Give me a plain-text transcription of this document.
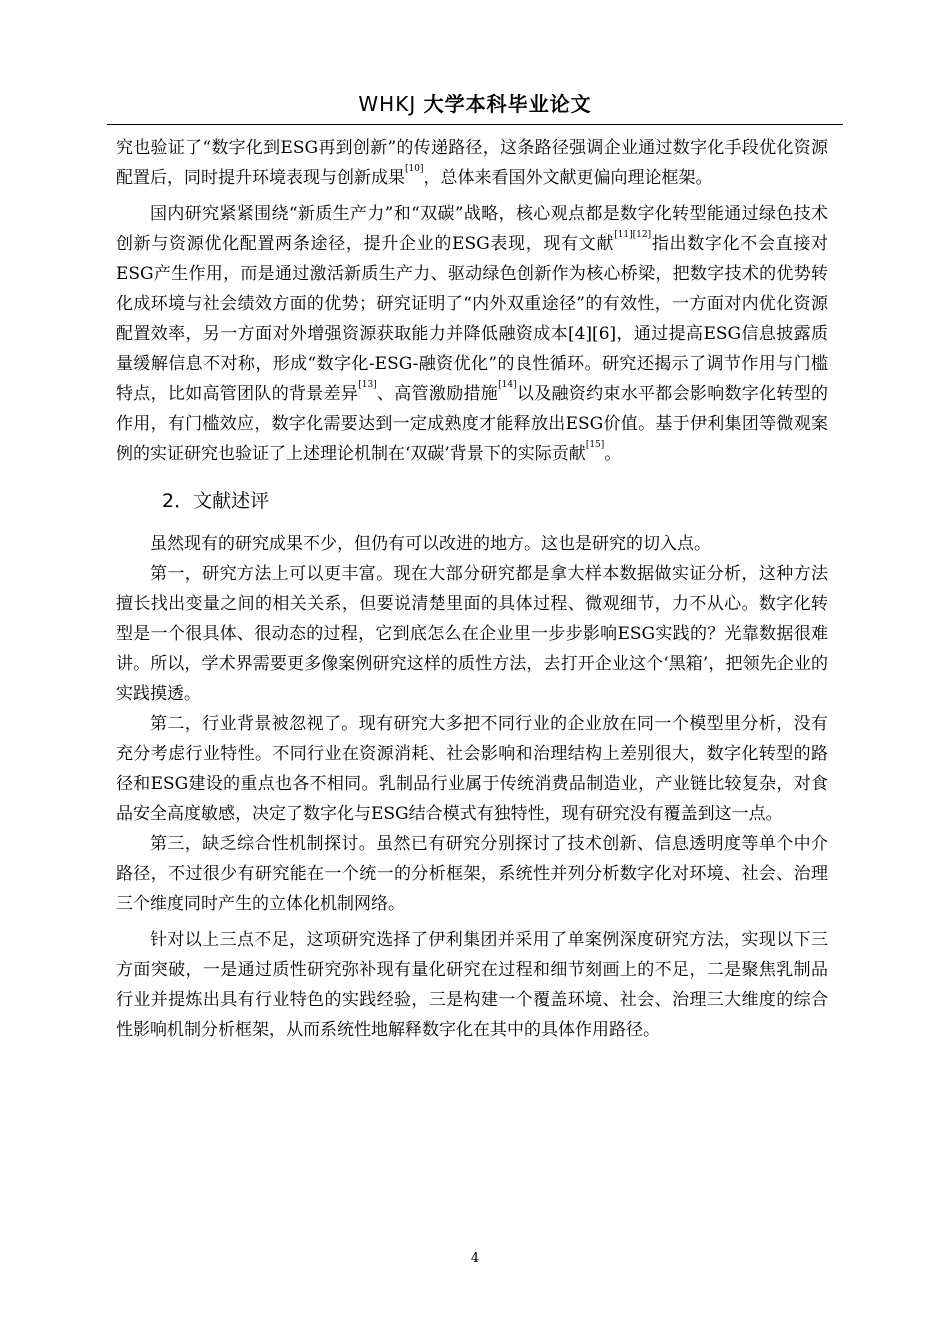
WHKJ 大学本科毕业论文

究也验证了“数字化到ESG再到创新”的传递路径，这条路径强调企业通过数字化手段优化资源配置后，同时提升环境表现与创新成果[10]，总体来看国外文献更偏向理论框架。

国内研究紧紧围绕“新质生产力”和“双碳”战略，核心观点都是数字化转型能通过绿色技术创新与资源优化配置两条途径，提升企业的ESG表现，现有文献[11][12]指出数字化不会直接对ESG产生作用，而是通过激活新质生产力、驱动绿色创新作为核心桥梁，把数字技术的优势转化成环境与社会绩效方面的优势；研究证明了“内外双重途径”的有效性，一方面对内优化资源配置效率，另一方面对外增强资源获取能力并降低融资成本[4][6]，通过提高ESG信息披露质量缓解信息不对称，形成“数字化-ESG-融资优化”的良性循环。研究还揭示了调节作用与门槛特点，比如高管团队的背景差异[13]、高管激励措施[14]以及融资约束水平都会影响数字化转型的作用，有门槛效应，数字化需要达到一定成熟度才能释放出ESG价值。基于伊利集团等微观案例的实证研究也验证了上述理论机制在‘双碳’背景下的实际贡献[15]。

2．文献述评

虽然现有的研究成果不少，但仍有可以改进的地方。这也是研究的切入点。

第一，研究方法上可以更丰富。现在大部分研究都是拿大样本数据做实证分析，这种方法擅长找出变量之间的相关关系，但要说清楚里面的具体过程、微观细节，力不从心。数字化转型是一个很具体、很动态的过程，它到底怎么在企业里一步步影响ESG实践的？光靠数据很难讲。所以，学术界需要更多像案例研究这样的质性方法，去打开企业这个‘黑箱’，把领先企业的实践摸透。

第二，行业背景被忽视了。现有研究大多把不同行业的企业放在同一个模型里分析，没有充分考虑行业特性。不同行业在资源消耗、社会影响和治理结构上差别很大，数字化转型的路径和ESG建设的重点也各不相同。乳制品行业属于传统消费品制造业，产业链比较复杂，对食品安全高度敏感，决定了数字化与ESG结合模式有独特性，现有研究没有覆盖到这一点。

第三，缺乏综合性机制探讨。虽然已有研究分别探讨了技术创新、信息透明度等单个中介路径，不过很少有研究能在一个统一的分析框架，系统性并列分析数字化对环境、社会、治理三个维度同时产生的立体化机制网络。

针对以上三点不足，这项研究选择了伊利集团并采用了单案例深度研究方法，实现以下三方面突破，一是通过质性研究弥补现有量化研究在过程和细节刻画上的不足，二是聚焦乳制品行业并提炼出具有行业特色的实践经验，三是构建一个覆盖环境、社会、治理三大维度的综合性影响机制分析框架，从而系统性地解释数字化在其中的具体作用路径。

4
